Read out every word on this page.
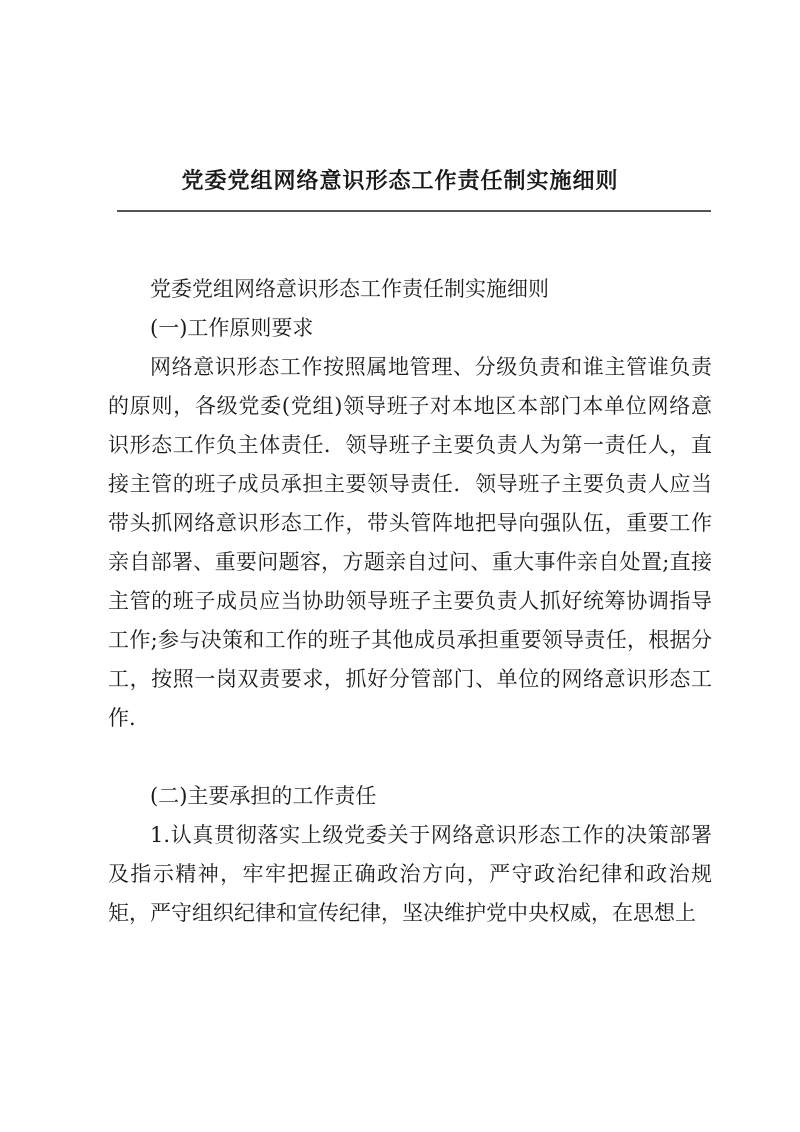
党委党组网络意识形态工作责任制实施细则

党委党组网络意识形态工作责任制实施细则

(一)工作原则要求

网络意识形态工作按照属地管理、分级负责和谁主管谁负责的原则，各级党委(党组)领导班子对本地区本部门本单位网络意识形态工作负主体责任．领导班子主要负责人为第一责任人，直接主管的班子成员承担主要领导责任．领导班子主要负责人应当带头抓网络意识形态工作，带头管阵地把导向强队伍，重要工作亲自部署、重要问题容，方题亲自过问、重大事件亲自处置;直接主管的班子成员应当协助领导班子主要负责人抓好统筹协调指导工作;参与决策和工作的班子其他成员承担重要领导责任，根据分工，按照一岗双责要求，抓好分管部门、单位的网络意识形态工作.

(二)主要承担的工作责任

1.认真贯彻落实上级党委关于网络意识形态工作的决策部署及指示精神，牢牢把握正确政治方向，严守政治纪律和政治规矩，严守组织纪律和宣传纪律，坚决维护党中央权威，在思想上
